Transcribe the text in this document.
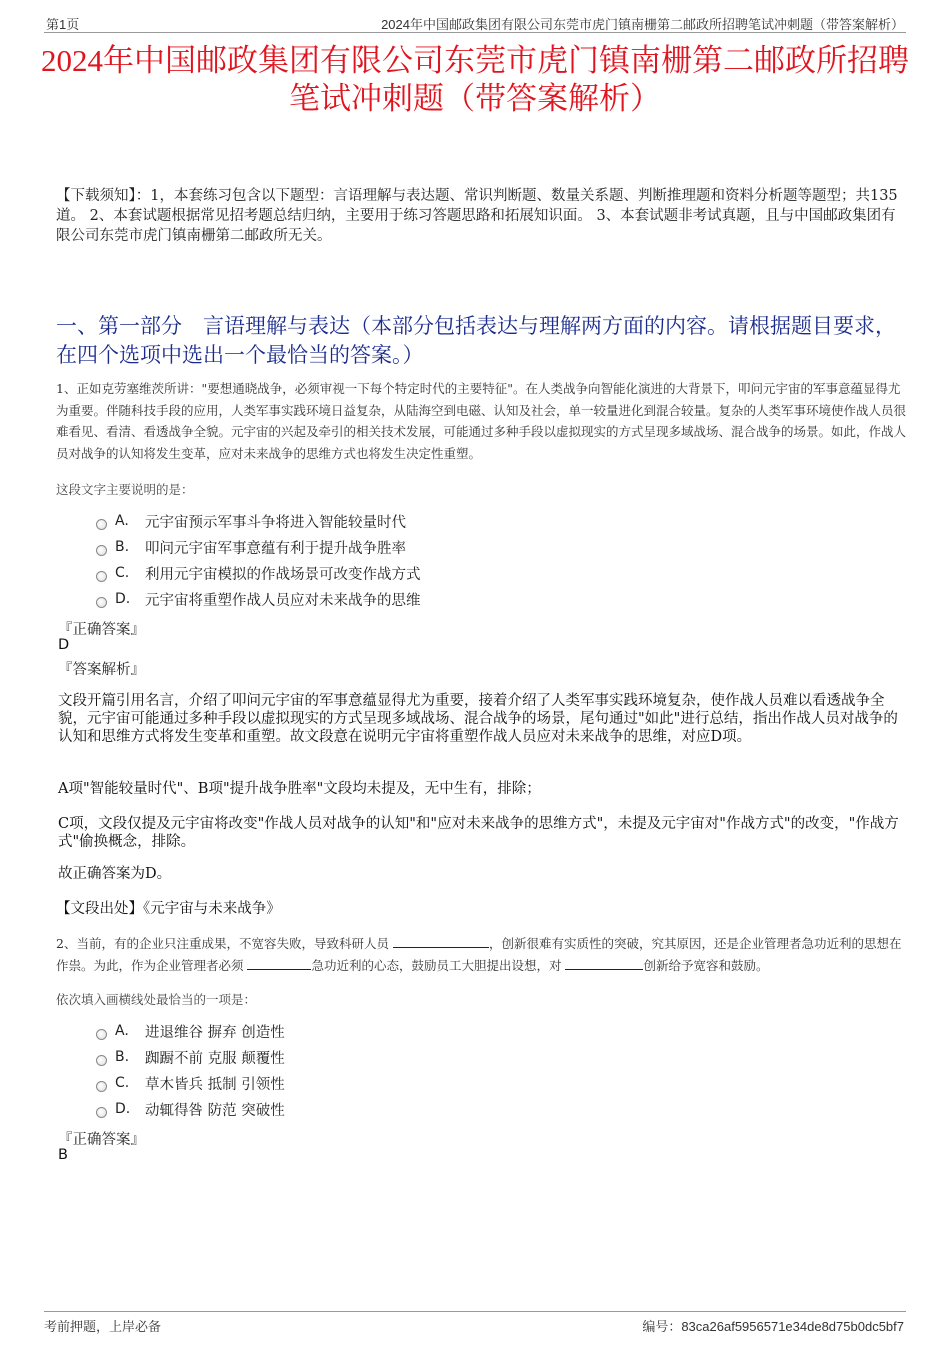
第1页	2024年中国邮政集团有限公司东莞市虎门镇南栅第二邮政所招聘笔试冲刺题（带答案解析）
2024年中国邮政集团有限公司东莞市虎门镇南栅第二邮政所招聘笔试冲刺题（带答案解析）
【下载须知】：1，本套练习包含以下题型：言语理解与表达题、常识判断题、数量关系题、判断推理题和资料分析题等题型；共135道。 2、本套试题根据常见招考题总结归纳，主要用于练习答题思路和拓展知识面。 3、本套试题非考试真题，且与中国邮政集团有限公司东莞市虎门镇南栅第二邮政所无关。
一、第一部分　言语理解与表达（本部分包括表达与理解两方面的内容。请根据题目要求，在四个选项中选出一个最恰当的答案。）
1、正如克劳塞维茨所讲："要想通晓战争，必须审视一下每个特定时代的主要特征"。在人类战争向智能化演进的大背景下，叩问元宇宙的军事意蕴显得尤为重要。伴随科技手段的应用，人类军事实践环境日益复杂，从陆海空到电磁、认知及社会，单一较量进化到混合较量。复杂的人类军事环境使作战人员很难看见、看清、看透战争全貌。元宇宙的兴起及牵引的相关技术发展，可能通过多种手段以虚拟现实的方式呈现多域战场、混合战争的场景。如此，作战人员对战争的认知将发生变革，应对未来战争的思维方式也将发生决定性重塑。
这段文字主要说明的是：
A.	元宇宙预示军事斗争将进入智能较量时代
B.	叩问元宇宙军事意蕴有利于提升战争胜率
C.	利用元宇宙模拟的作战场景可改变作战方式
D.	元宇宙将重塑作战人员应对未来战争的思维
『正确答案』
D
『答案解析』
文段开篇引用名言，介绍了叩问元宇宙的军事意蕴显得尤为重要，接着介绍了人类军事实践环境复杂，使作战人员难以看透战争全貌，元宇宙可能通过多种手段以虚拟现实的方式呈现多域战场、混合战争的场景，尾句通过"如此"进行总结，指出作战人员对战争的认知和思维方式将发生变革和重塑。故文段意在说明元宇宙将重塑作战人员应对未来战争的思维，对应D项。
A项"智能较量时代"、B项"提升战争胜率"文段均未提及，无中生有，排除；
C项，文段仅提及元宇宙将改变"作战人员对战争的认知"和"应对未来战争的思维方式"，未提及元宇宙对"作战方式"的改变，"作战方式"偷换概念，排除。
故正确答案为D。
【文段出处】《元宇宙与未来战争》
2、当前，有的企业只注重成果，不宽容失败，导致科研人员	，创新很难有实质性的突破，究其原因，还是企业管理者急功近利的思想在作祟。为此，作为企业管理者必须	急功近利的心态，鼓励员工大胆提出设想，对	创新给予宽容和鼓励。
依次填入画横线处最恰当的一项是：
A.	进退维谷 摒弃 创造性
B.	踟蹰不前 克服 颠覆性
C.	草木皆兵 抵制 引领性
D.	动辄得咎 防范 突破性
『正确答案』
B
考前押题，上岸必备	编号：83ca26af5956571e34de8d75b0dc5bf7
